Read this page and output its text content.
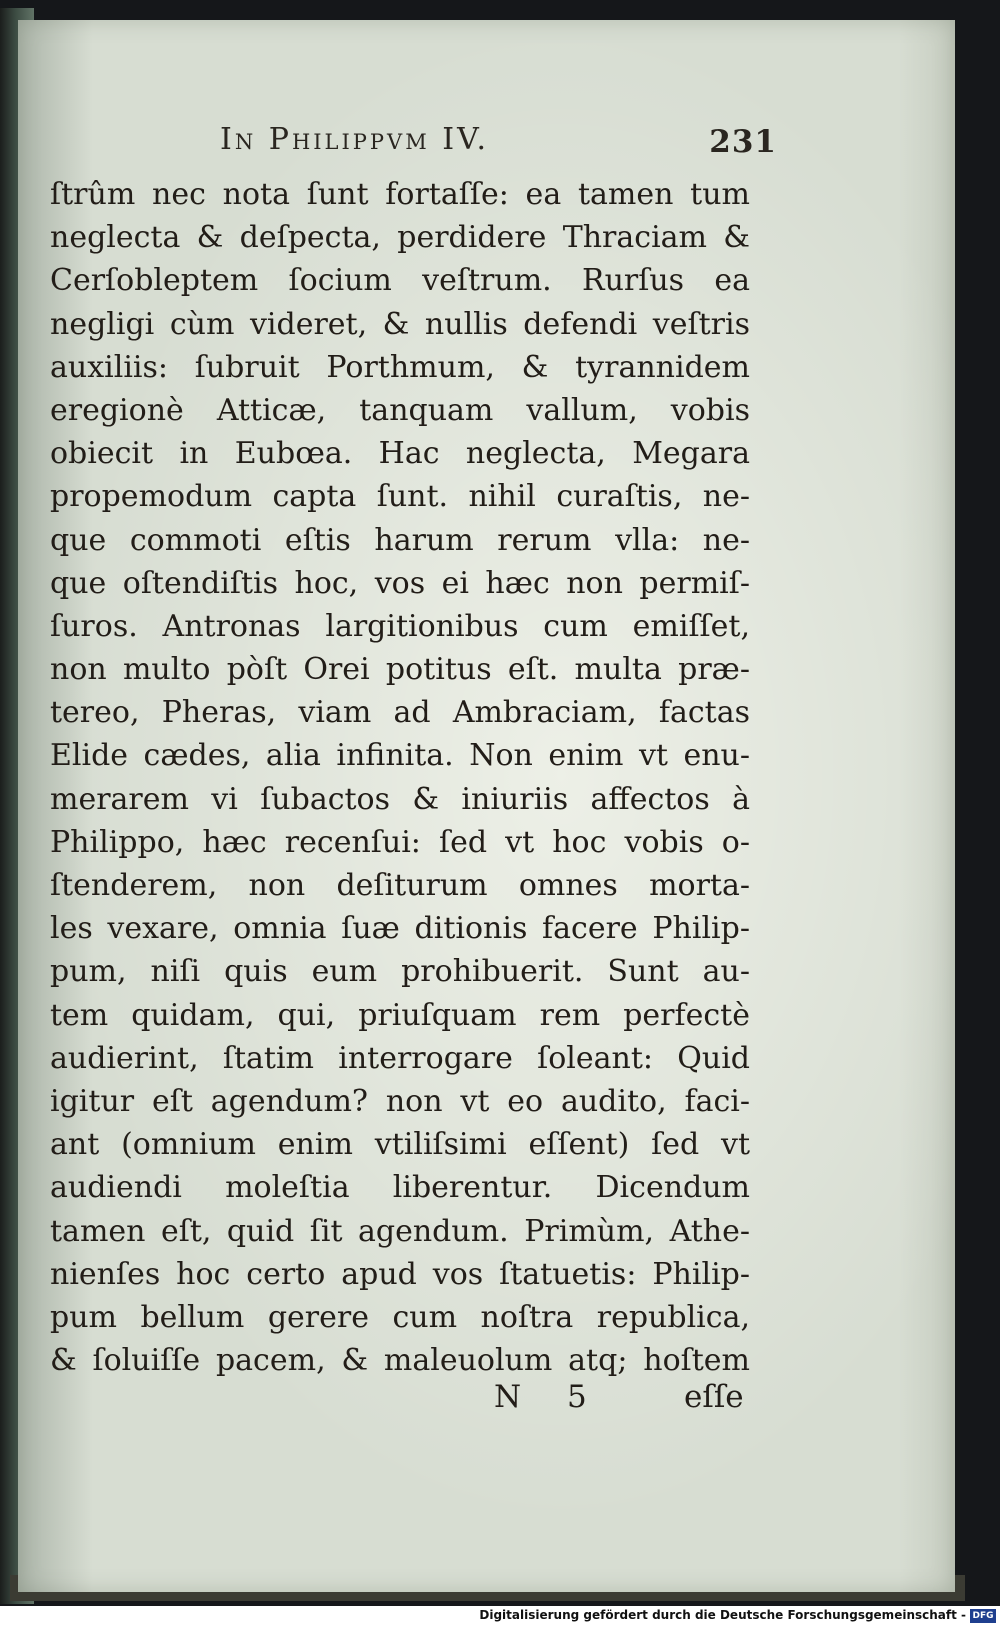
In Philippvm IV.	231
ſtrûm nec nota ſunt fortaſſe: ea tamen tum
neglecta & deſpecta, perdidere Thraciam &
Cerſobleptem ſocium veſtrum. Rurſus ea
negligi cùm videret, & nullis defendi veſtris
auxiliis: ſubruit Porthmum, & tyrannidem
eregionè Atticæ, tanquam vallum, vobis
obiecit in Eubœa. Hac neglecta, Megara
propemodum capta ſunt. nihil curaſtis, ne-
que commoti eſtis harum rerum vlla: ne-
que oſtendiſtis hoc, vos ei hæc non permiſ-
ſuros. Antronas largitionibus cum emiſſet,
non multo pòſt Orei potitus eſt. multa præ-
tereo, Pheras, viam ad Ambraciam, factas
Elide cædes, alia infinita. Non enim vt enu-
merarem vi ſubactos & iniuriis affectos à
Philippo, hæc recenſui: ſed vt hoc vobis o-
ſtenderem, non deſiturum omnes morta-
les vexare, omnia ſuæ ditionis facere Philip-
pum, niſi quis eum prohibuerit. Sunt au-
tem quidam, qui, priuſquam rem perfectè
audierint, ſtatim interrogare ſoleant: Quid
igitur eſt agendum? non vt eo audito, faci-
ant (omnium enim vtiliſsimi eſſent) ſed vt
audiendi moleſtia liberentur. Dicendum
tamen eſt, quid ſit agendum. Primùm, Athe-
nienſes hoc certo apud vos ſtatuetis: Philip-
pum bellum gerere cum noſtra republica,
& ſoluiſſe pacem, & maleuolum atq; hoſtem
N 5	eſſe
Digitalisierung gefördert durch die Deutsche Forschungsgemeinschaft - DFG
